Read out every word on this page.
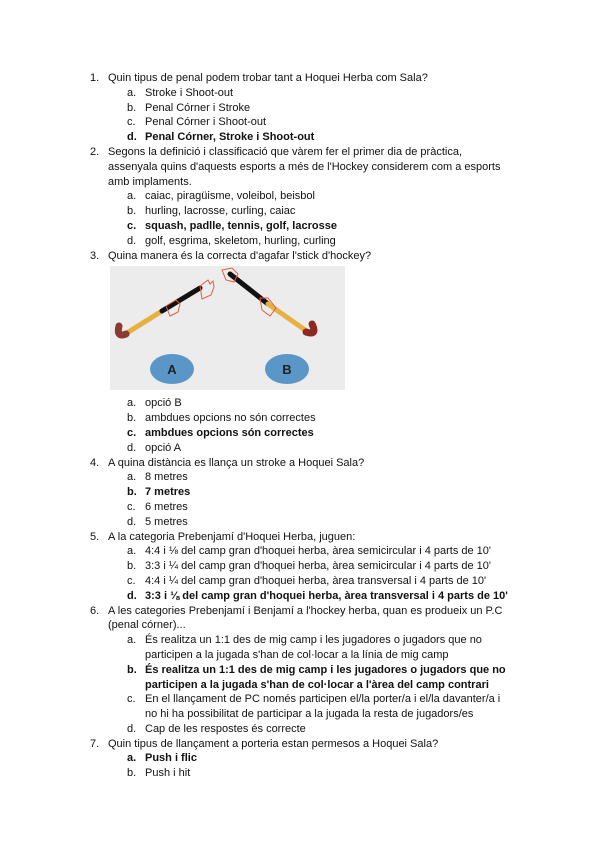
1. Quin tipus de penal podem trobar tant a Hoquei Herba com Sala?
a. Stroke i Shoot-out
b. Penal Córner i Stroke
c. Penal Córner i Shoot-out
d. Penal Córner, Stroke i Shoot-out
2. Segons la definició i classificació que vàrem fer el primer dia de pràctica, assenyala quins d'aquests esports a més de l'Hockey considerem com a esports amb implaments.
a. caiac, piragüisme, voleibol, beisbol
b. hurling, lacrosse, curling, caiac
c. squash, padlle, tennis, golf, lacrosse
d. golf, esgrima, skeletom, hurling, curling
3. Quina manera és la correcta d'agafar l'stick d'hockey?
A	B
a. opció B
b. ambdues opcions no són correctes
c. ambdues opcions són correctes
d. opció A
4. A quina distància es llança un stroke a Hoquei Sala?
a. 8 metres
b. 7 metres
c. 6 metres
d. 5 metres
5. A la categoria Prebenjamí d'Hoquei Herba, juguen:
a. 4:4 i ⅛ del camp gran d'hoquei herba, àrea semicircular i 4 parts de 10'
b. 3:3 i ¼ del camp gran d'hoquei herba, àrea semicircular i 4 parts de 10'
c. 4:4 i ¼ del camp gran d'hoquei herba, àrea transversal i 4 parts de 10'
d. 3:3 i ⅛ del camp gran d'hoquei herba, àrea transversal i 4 parts de 10'
6. A les categories Prebenjamí i Benjamí a l'hockey herba, quan es produeix un P.C (penal córner)...
a. És realitza un 1:1 des de mig camp i les jugadores o jugadors que no participen a la jugada s'han de col·locar a la línia de mig camp
b. És realitza un 1:1 des de mig camp i les jugadores o jugadors que no participen a la jugada s'han de col·locar a l'àrea del camp contrari
c. En el llançament de PC només participen el/la porter/a i el/la davanter/a i no hi ha possibilitat de participar a la jugada la resta de jugadors/es
d. Cap de les respostes és correcte
7. Quin tipus de llançament a porteria estan permesos a Hoquei Sala?
a. Push i flic
b. Push i hit
